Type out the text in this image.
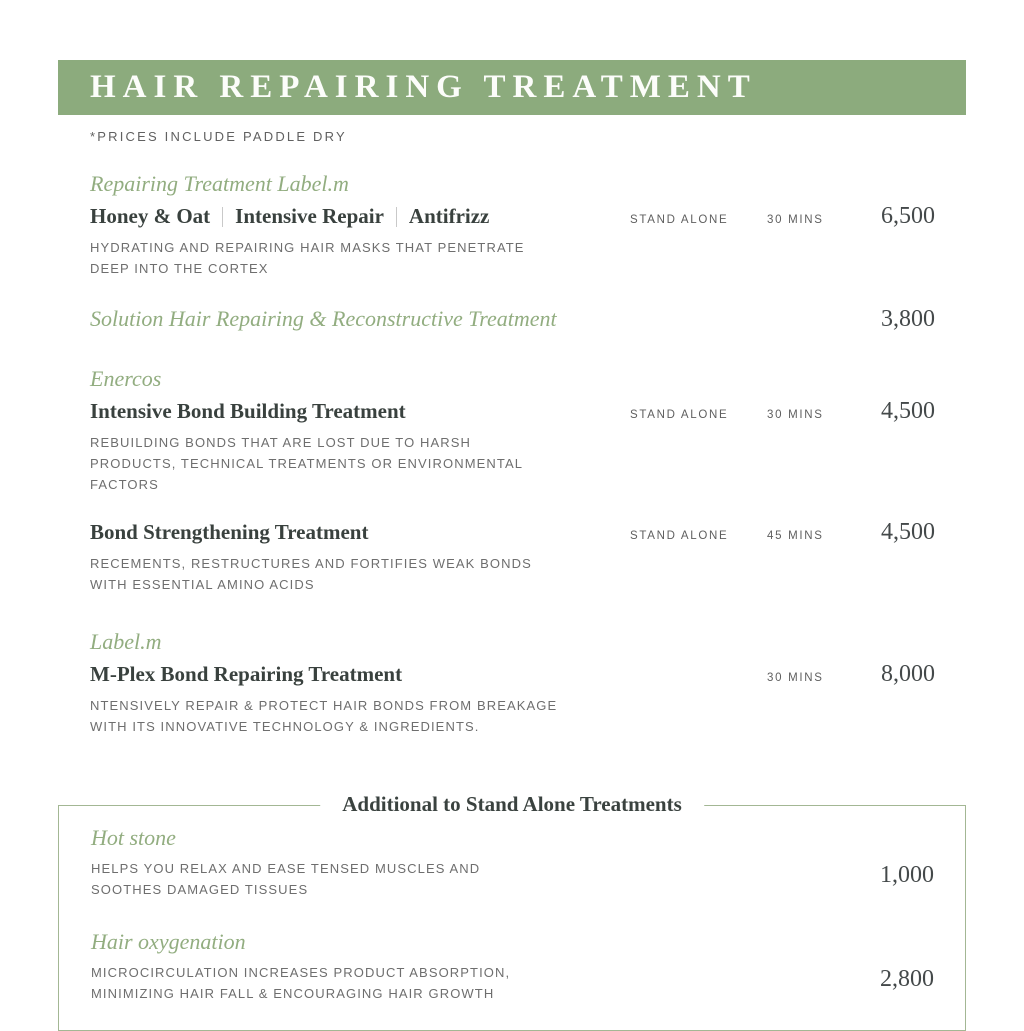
HAIR REPAIRING TREATMENT

*PRICES INCLUDE PADDLE DRY

Repairing Treatment Label.m
Honey & Oat Intensive Repair Antifrizz	STAND ALONE	30 MINS	6,500
HYDRATING AND REPAIRING HAIR MASKS THAT PENETRATE
DEEP INTO THE CORTEX
Solution Hair Repairing & Reconstructive Treatment	3,800
Enercos
Intensive Bond Building Treatment	STAND ALONE	30 MINS	4,500
REBUILDING BONDS THAT ARE LOST DUE TO HARSH
PRODUCTS, TECHNICAL TREATMENTS OR ENVIRONMENTAL
FACTORS
Bond Strengthening Treatment	STAND ALONE	45 MINS	4,500
RECEMENTS, RESTRUCTURES AND FORTIFIES WEAK BONDS
WITH ESSENTIAL AMINO ACIDS
Label.m
M-Plex Bond Repairing Treatment	30 MINS	8,000
NTENSIVELY REPAIR & PROTECT HAIR BONDS FROM BREAKAGE
WITH ITS INNOVATIVE TECHNOLOGY & INGREDIENTS.
Additional to Stand Alone Treatments
Hot stone
HELPS YOU RELAX AND EASE TENSED MUSCLES AND
SOOTHES DAMAGED TISSUES
1,000
Hair oxygenation
MICROCIRCULATION INCREASES PRODUCT ABSORPTION,
MINIMIZING HAIR FALL & ENCOURAGING HAIR GROWTH
2,800
